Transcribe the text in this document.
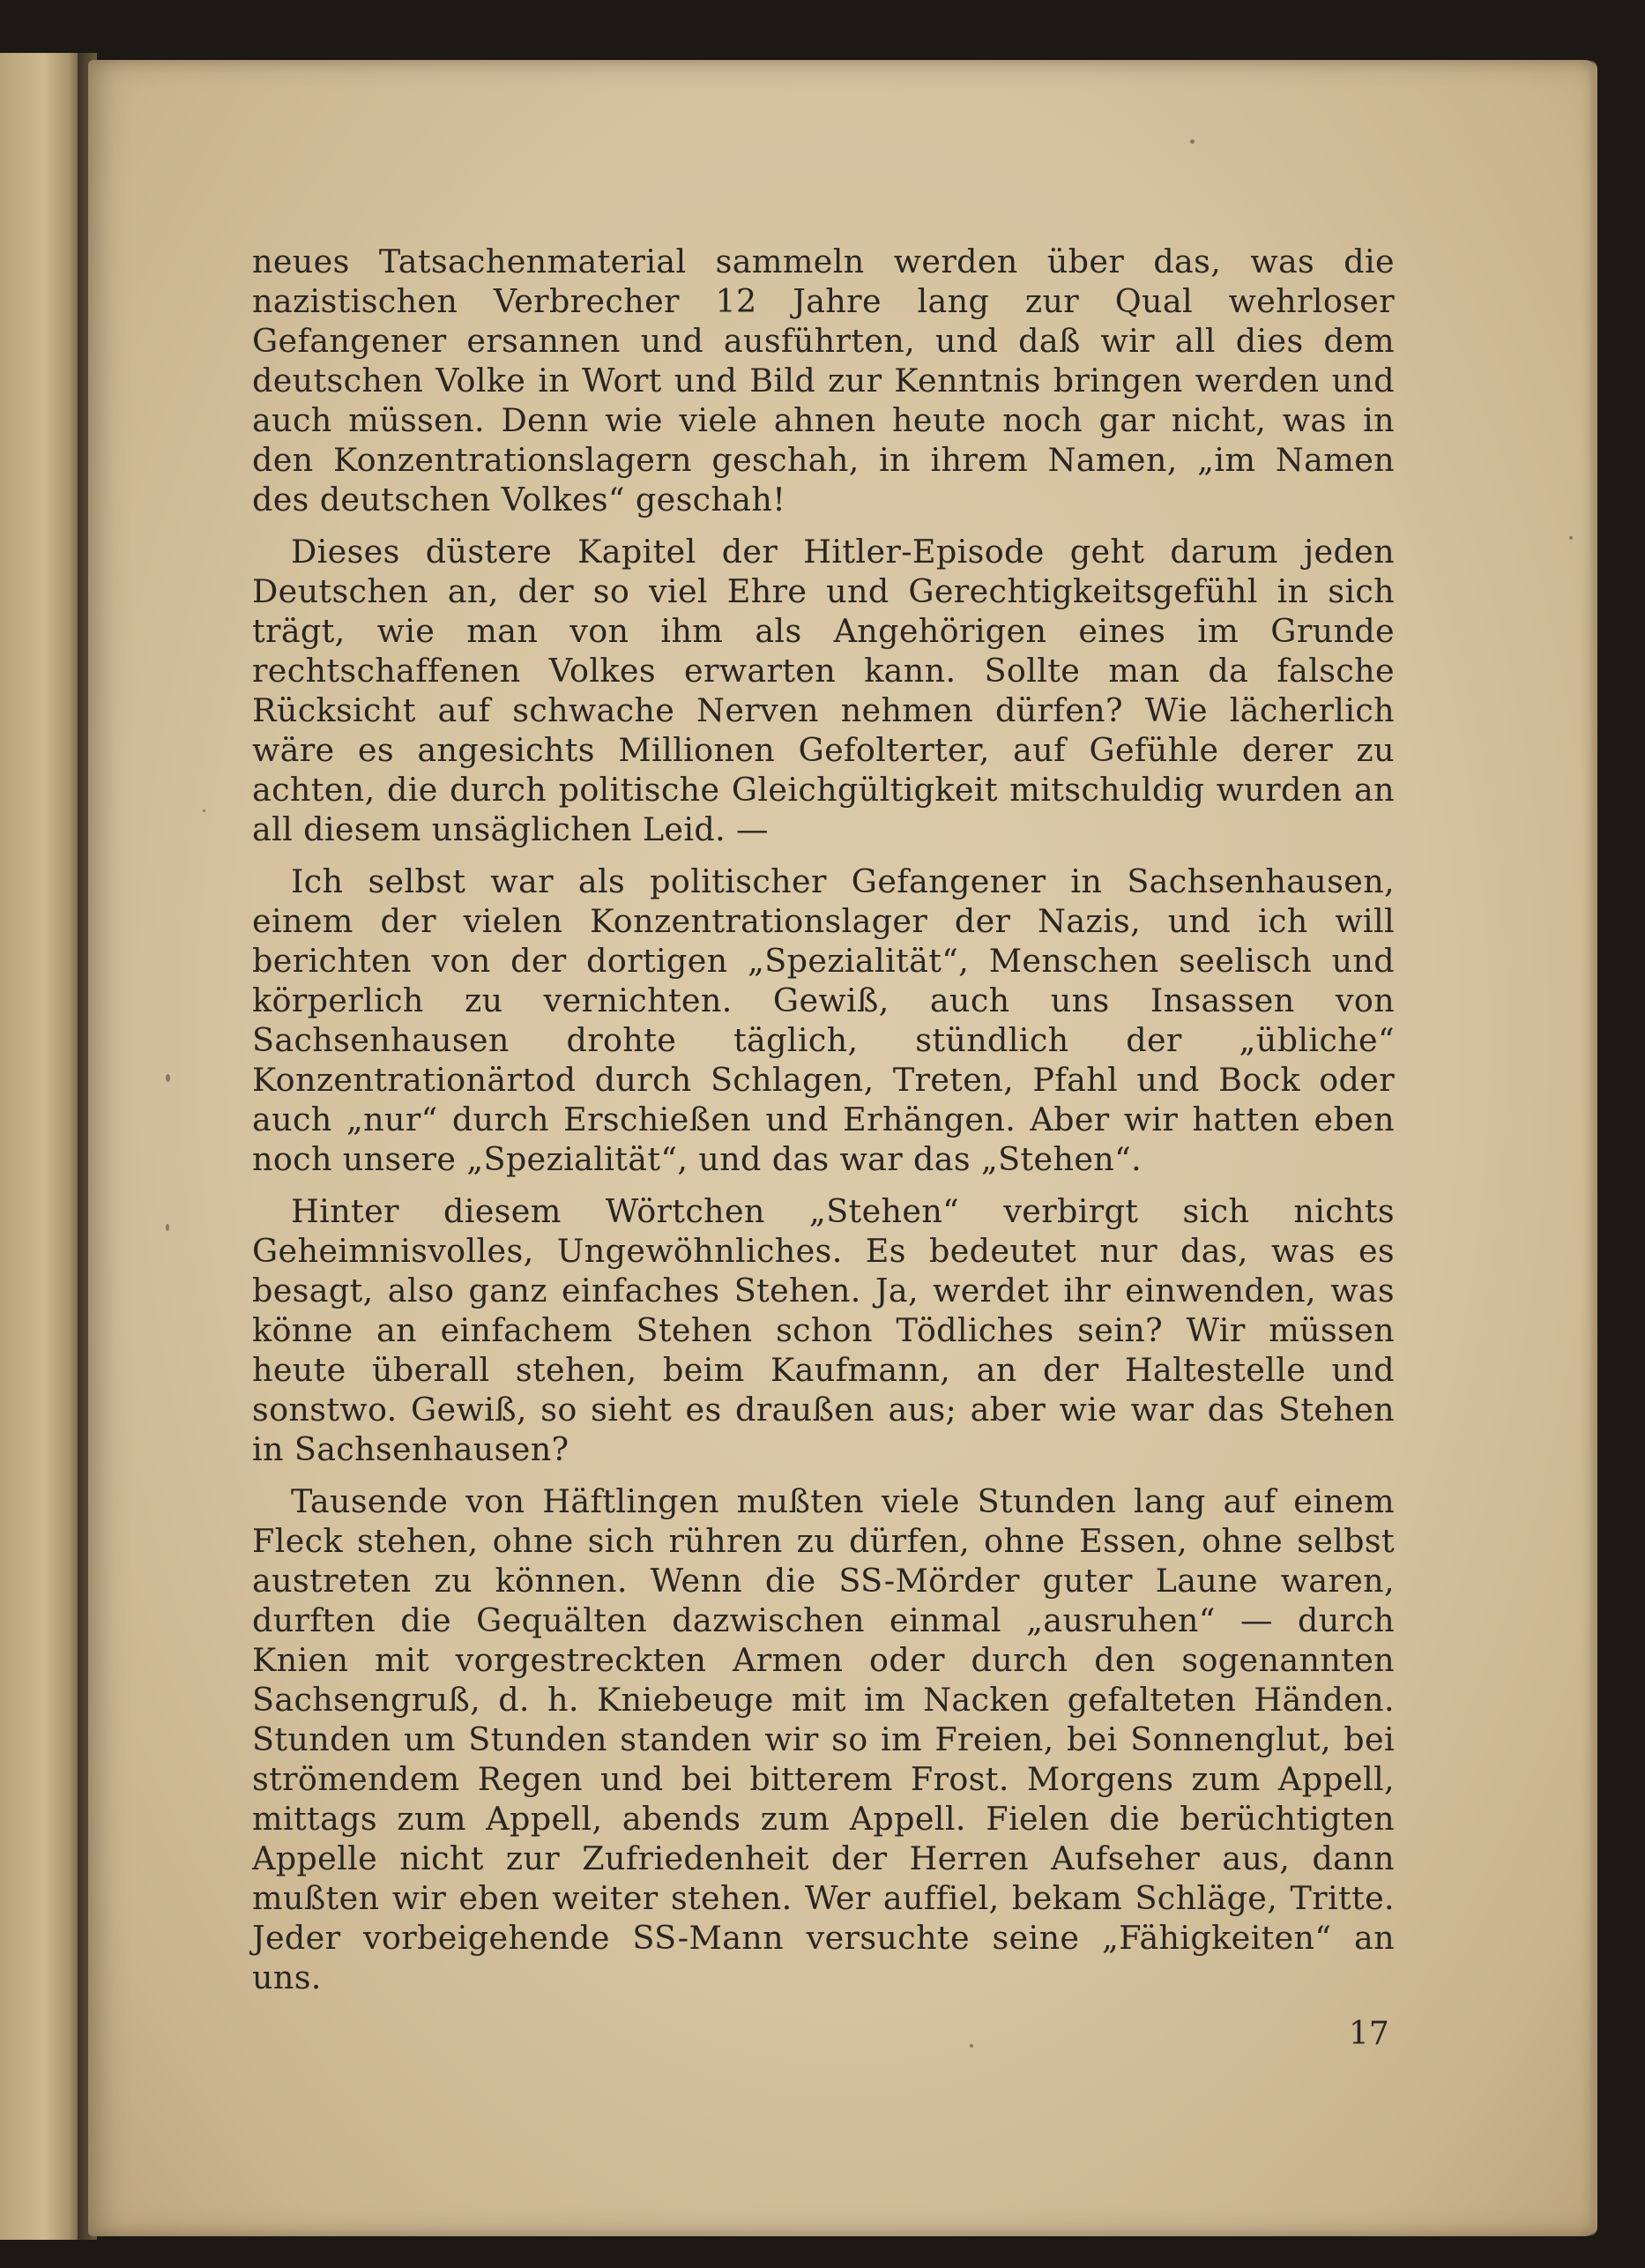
neues Tatsachenmaterial sammeln werden über das, was die nazistischen Verbrecher 12 Jahre lang zur Qual wehrloser Gefangener ersannen und ausführten, und daß wir all dies dem deutschen Volke in Wort und Bild zur Kenntnis bringen werden und auch müssen. Denn wie viele ahnen heute noch gar nicht, was in den Konzentrationslagern geschah, in ihrem Namen, „im Namen des deutschen Volkes“ geschah!

Dieses düstere Kapitel der Hitler-Episode geht darum jeden Deutschen an, der so viel Ehre und Gerechtigkeitsgefühl in sich trägt, wie man von ihm als Angehörigen eines im Grunde rechtschaffenen Volkes erwarten kann. Sollte man da falsche Rücksicht auf schwache Nerven nehmen dürfen? Wie lächerlich wäre es angesichts Millionen Gefolterter, auf Gefühle derer zu achten, die durch politische Gleichgültigkeit mitschuldig wurden an all diesem unsäglichen Leid. —

Ich selbst war als politischer Gefangener in Sachsenhausen, einem der vielen Konzentrationslager der Nazis, und ich will berichten von der dortigen „Spezialität“, Menschen seelisch und körperlich zu vernichten. Gewiß, auch uns Insassen von Sachsenhausen drohte täglich, stündlich der „übliche“ Konzentrationärtod durch Schlagen, Treten, Pfahl und Bock oder auch „nur“ durch Erschießen und Erhängen. Aber wir hatten eben noch unsere „Spezialität“, und das war das „Stehen“.

Hinter diesem Wörtchen „Stehen“ verbirgt sich nichts Geheimnisvolles, Ungewöhnliches. Es bedeutet nur das, was es besagt, also ganz einfaches Stehen. Ja, werdet ihr einwenden, was könne an einfachem Stehen schon Tödliches sein? Wir müssen heute überall stehen, beim Kaufmann, an der Haltestelle und sonstwo. Gewiß, so sieht es draußen aus; aber wie war das Stehen in Sachsenhausen?

Tausende von Häftlingen mußten viele Stunden lang auf einem Fleck stehen, ohne sich rühren zu dürfen, ohne Essen, ohne selbst austreten zu können. Wenn die SS-Mörder guter Laune waren, durften die Gequälten dazwischen einmal „ausruhen“ — durch Knien mit vorgestreckten Armen oder durch den sogenannten Sachsengruß, d. h. Kniebeuge mit im Nacken gefalteten Händen. Stunden um Stunden standen wir so im Freien, bei Sonnenglut, bei strömendem Regen und bei bitterem Frost. Morgens zum Appell, mittags zum Appell, abends zum Appell. Fielen die berüchtigten Appelle nicht zur Zufriedenheit der Herren Aufseher aus, dann mußten wir eben weiter stehen. Wer auffiel, bekam Schläge, Tritte. Jeder vorbeigehende SS-Mann versuchte seine „Fähigkeiten“ an uns.

17
